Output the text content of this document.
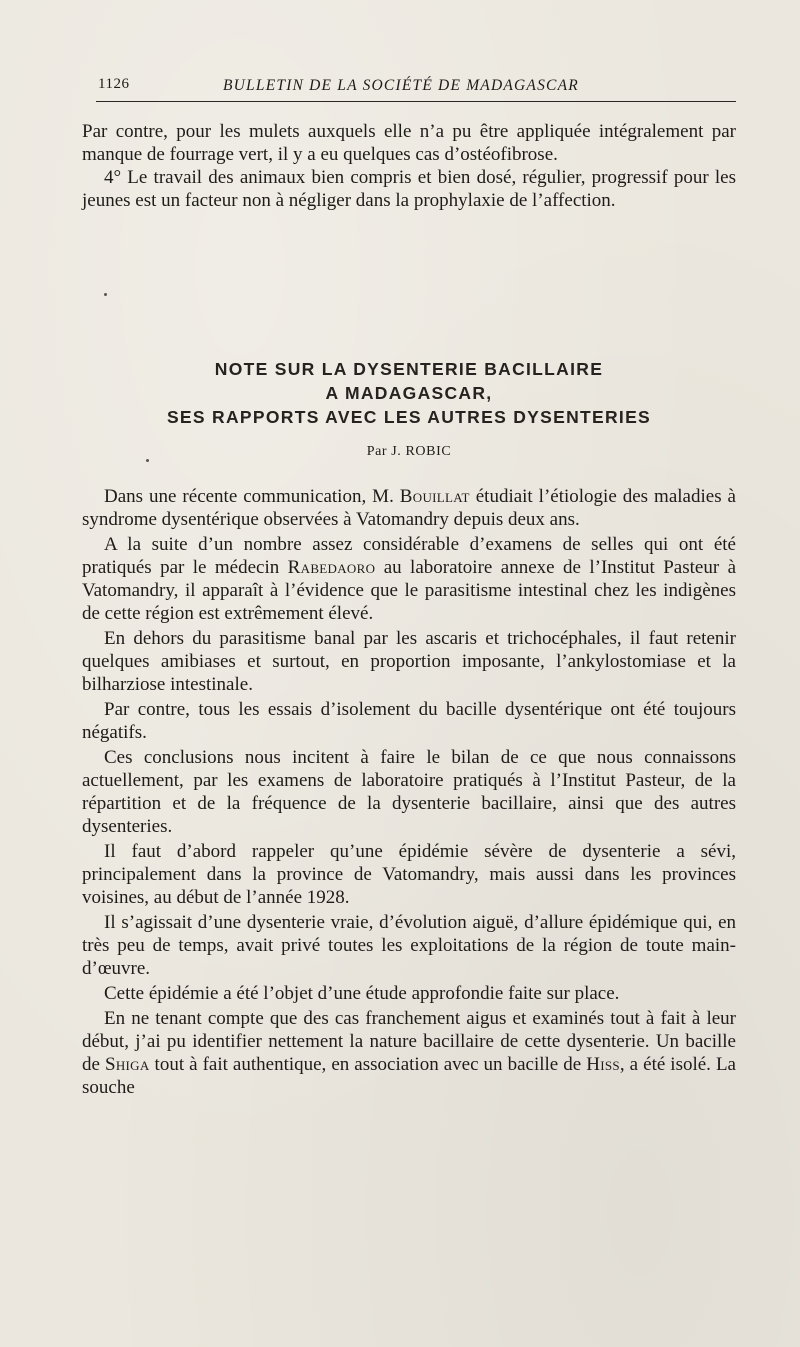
1126	BULLETIN DE LA SOCIÉTÉ DE MADAGASCAR

Par contre, pour les mulets auxquels elle n’a pu être appliquée intégralement par manque de fourrage vert, il y a eu quelques cas d’ostéofibrose.

4° Le travail des animaux bien compris et bien dosé, régulier, progressif pour les jeunes est un facteur non à négliger dans la prophylaxie de l’affection.

NOTE SUR LA DYSENTERIE BACILLAIRE
A MADAGASCAR,
SES RAPPORTS AVEC LES AUTRES DYSENTERIES
Par J. ROBIC

Dans une récente communication, M. Bouillat étudiait l’étiologie des maladies à syndrome dysentérique observées à Vatomandry depuis deux ans.

A la suite d’un nombre assez considérable d’examens de selles qui ont été pratiqués par le médecin Rabedaoro au laboratoire annexe de l’Institut Pasteur à Vatomandry, il apparaît à l’évidence que le parasitisme intestinal chez les indigènes de cette région est extrêmement élevé.

En dehors du parasitisme banal par les ascaris et trichocéphales, il faut retenir quelques amibiases et surtout, en proportion imposante, l’ankylostomiase et la bilharziose intestinale.

Par contre, tous les essais d’isolement du bacille dysentérique ont été toujours négatifs.

Ces conclusions nous incitent à faire le bilan de ce que nous connaissons actuellement, par les examens de laboratoire pratiqués à l’Institut Pasteur, de la répartition et de la fréquence de la dysenterie bacillaire, ainsi que des autres dysenteries.

Il faut d’abord rappeler qu’une épidémie sévère de dysenterie a sévi, principalement dans la province de Vatomandry, mais aussi dans les provinces voisines, au début de l’année 1928.

Il s’agissait d’une dysenterie vraie, d’évolution aiguë, d’allure épidémique qui, en très peu de temps, avait privé toutes les exploitations de la région de toute main-d’œuvre.

Cette épidémie a été l’objet d’une étude approfondie faite sur place.

En ne tenant compte que des cas franchement aigus et examinés tout à fait à leur début, j’ai pu identifier nettement la nature bacillaire de cette dysenterie. Un bacille de Shiga tout à fait authentique, en association avec un bacille de Hiss, a été isolé. La souche
